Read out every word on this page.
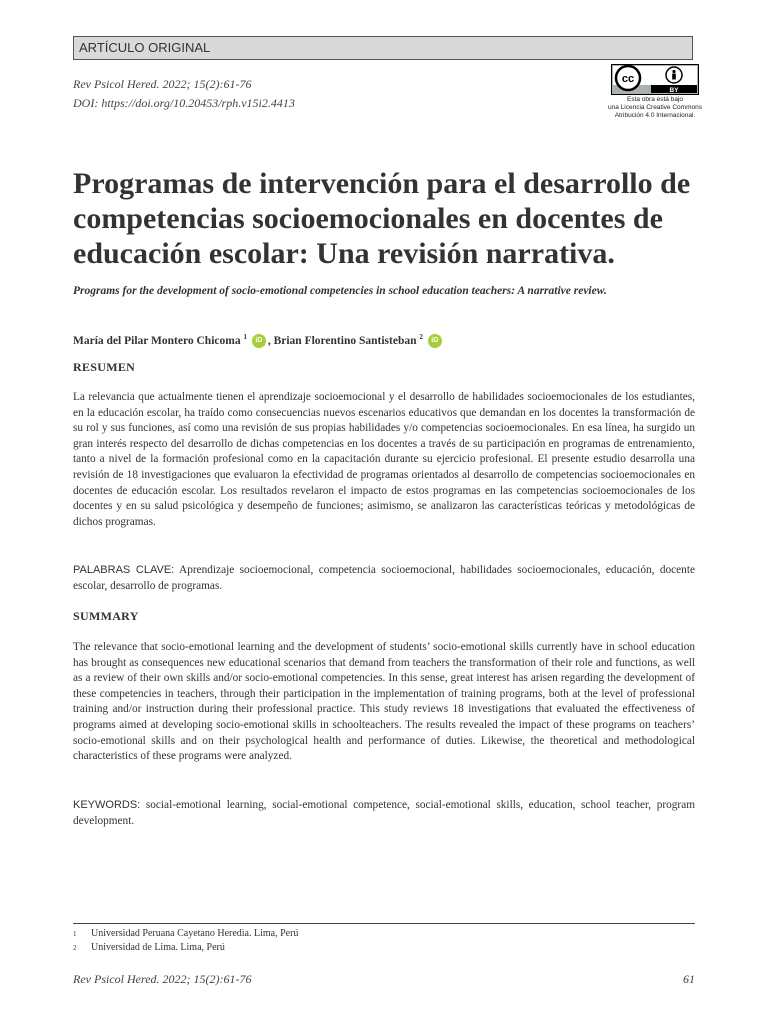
ARTÍCULO ORIGINAL
Rev Psicol Hered. 2022; 15(2):61-76
DOI: https://doi.org/10.20453/rph.v15i2.4413
cc
BY
Esta obra está bajo
una Licencia Creative Commons
Atribución 4.0 Internacional.
Programas de intervención para el desarrollo de competencias socioemocionales en docentes de educación escolar: Una revisión narrativa.

Programs for the development of socio-emotional competencies in school education teachers: A narrative review.

María del Pilar Montero Chicoma $^1$ iD , Brian Florentino Santisteban $^2$ iD
RESUMEN

La relevancia que actualmente tienen el aprendizaje socioemocional y el desarrollo de habilidades socioemocionales de los estudiantes, en la educación escolar, ha traído como consecuencias nuevos escenarios educativos que demandan en los docentes la transformación de su rol y sus funciones, así como una revisión de sus propias habilidades y/o competencias socioemocionales. En esa línea, ha surgido un gran interés respecto del desarrollo de dichas competencias en los docentes a través de su participación en programas de entrenamiento, tanto a nivel de la formación profesional como en la capacitación durante su ejercicio profesional. El presente estudio desarrolla una revisión de 18 investigaciones que evaluaron la efectividad de programas orientados al desarrollo de competencias socioemocionales en docentes de educación escolar. Los resultados revelaron el impacto de estos programas en las competencias socioemocionales de los docentes y en su salud psicológica y desempeño de funciones; asimismo, se analizaron las características teóricas y metodológicas de dichos programas.

PALABRAS CLAVE: Aprendizaje socioemocional, competencia socioemocional, habilidades socioemocionales, educación, docente escolar, desarrollo de programas.

SUMMARY

The relevance that socio-emotional learning and the development of students’ socio-emotional skills currently have in school education has brought as consequences new educational scenarios that demand from teachers the transformation of their role and functions, as well as a review of their own skills and/or socio-emotional competencies. In this sense, great interest has arisen regarding the development of these competencies in teachers, through their participation in the implementation of training programs, both at the level of professional training and/or instruction during their professional practice. This study reviews 18 investigations that evaluated the effectiveness of programs aimed at developing socio-emotional skills in schoolteachers. The results revealed the impact of these programs on teachers’ socio-emotional skills and on their psychological health and performance of duties. Likewise, the theoretical and methodological characteristics of these programs were analyzed.

KEYWORDS: social-emotional learning, social-emotional competence, social-emotional skills, education, school teacher, program development.

1 Universidad Peruana Cayetano Heredia. Lima, Perú
2 Universidad de Lima. Lima, Perú
Rev Psicol Hered. 2022; 15(2):61-76	61
